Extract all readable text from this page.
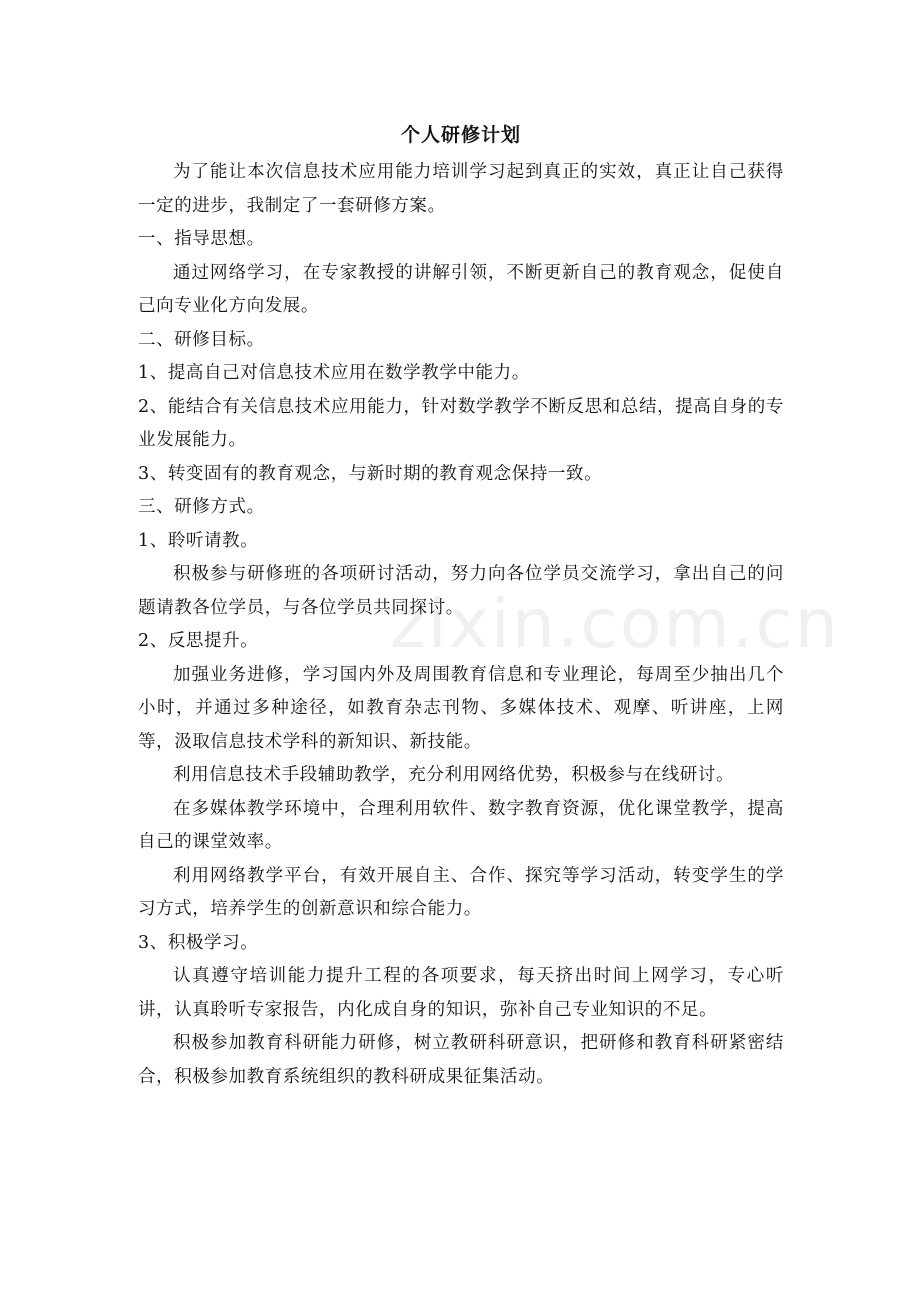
个人研修计划

为了能让本次信息技术应用能力培训学习起到真正的实效，真正让自己获得一定的进步，我制定了一套研修方案。

一、指导思想。

通过网络学习，在专家教授的讲解引领，不断更新自己的教育观念，促使自己向专业化方向发展。

二、研修目标。

1、提高自己对信息技术应用在数学教学中能力。

2、能结合有关信息技术应用能力，针对数学教学不断反思和总结，提高自身的专业发展能力。

3、转变固有的教育观念，与新时期的教育观念保持一致。

三、研修方式。

1、聆听请教。

积极参与研修班的各项研讨活动，努力向各位学员交流学习，拿出自己的问题请教各位学员，与各位学员共同探讨。

2、反思提升。

加强业务进修，学习国内外及周围教育信息和专业理论，每周至少抽出几个小时，并通过多种途径，如教育杂志刊物、多媒体技术、观摩、听讲座，上网等，汲取信息技术学科的新知识、新技能。

利用信息技术手段辅助教学，充分利用网络优势，积极参与在线研讨。

在多媒体教学环境中，合理利用软件、数字教育资源，优化课堂教学，提高自己的课堂效率。

利用网络教学平台，有效开展自主、合作、探究等学习活动，转变学生的学习方式，培养学生的创新意识和综合能力。

3、积极学习。

认真遵守培训能力提升工程的各项要求，每天挤出时间上网学习，专心听讲，认真聆听专家报告，内化成自身的知识，弥补自己专业知识的不足。

积极参加教育科研能力研修，树立教研科研意识，把研修和教育科研紧密结合，积极参加教育系统组织的教科研成果征集活动。

zixin.com.cn
